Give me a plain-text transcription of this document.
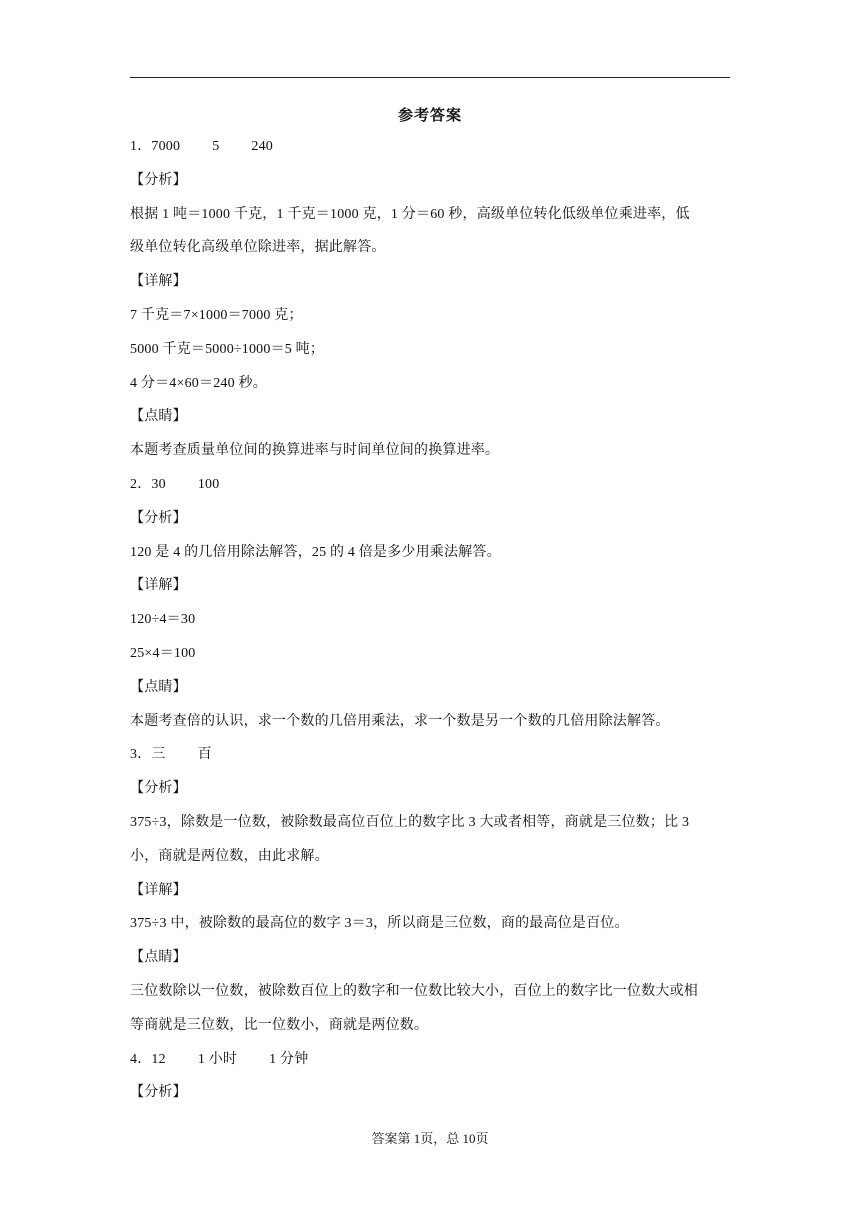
参考答案
1．7000 5 240
【分析】
根据 1 吨＝1000 千克，1 千克＝1000 克，1 分＝60 秒，高级单位转化低级单位乘进率，低
级单位转化高级单位除进率，据此解答。
【详解】
7 千克＝7×1000＝7000 克；
5000 千克＝5000÷1000＝5 吨；
4 分＝4×60＝240 秒。
【点睛】
本题考查质量单位间的换算进率与时间单位间的换算进率。
2．30 100
【分析】
120 是 4 的几倍用除法解答，25 的 4 倍是多少用乘法解答。
【详解】
120÷4＝30
25×4＝100
【点睛】
本题考查倍的认识，求一个数的几倍用乘法，求一个数是另一个数的几倍用除法解答。
3．三 百
【分析】
375÷3，除数是一位数，被除数最高位百位上的数字比 3 大或者相等，商就是三位数；比 3
小，商就是两位数，由此求解。
【详解】
375÷3 中，被除数的最高位的数字 3＝3，所以商是三位数，商的最高位是百位。
【点睛】
三位数除以一位数，被除数百位上的数字和一位数比较大小，百位上的数字比一位数大或相
等商就是三位数，比一位数小，商就是两位数。
4．12 1 小时 1 分钟
【分析】
答案第 1页，总 10页
